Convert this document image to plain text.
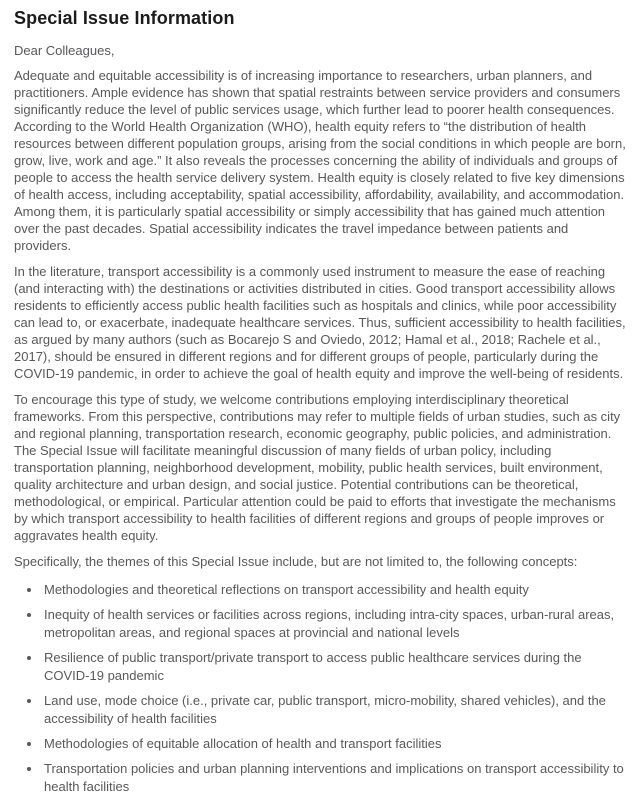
Special Issue Information

Dear Colleagues,

Adequate and equitable accessibility is of increasing importance to researchers, urban planners, and practitioners. Ample evidence has shown that spatial restraints between service providers and consumers significantly reduce the level of public services usage, which further lead to poorer health consequences. According to the World Health Organization (WHO), health equity refers to “the distribution of health resources between different population groups, arising from the social conditions in which people are born, grow, live, work and age.” It also reveals the processes concerning the ability of individuals and groups of people to access the health service delivery system. Health equity is closely related to five key dimensions of health access, including acceptability, spatial accessibility, affordability, availability, and accommodation. Among them, it is particularly spatial accessibility or simply accessibility that has gained much attention over the past decades. Spatial accessibility indicates the travel impedance between patients and providers.

In the literature, transport accessibility is a commonly used instrument to measure the ease of reaching (and interacting with) the destinations or activities distributed in cities. Good transport accessibility allows residents to efficiently access public health facilities such as hospitals and clinics, while poor accessibility can lead to, or exacerbate, inadequate healthcare services. Thus, sufficient accessibility to health facilities, as argued by many authors (such as Bocarejo S and Oviedo, 2012; Hamal et al., 2018; Rachele et al., 2017), should be ensured in different regions and for different groups of people, particularly during the COVID-19 pandemic, in order to achieve the goal of health equity and improve the well-being of residents.

To encourage this type of study, we welcome contributions employing interdisciplinary theoretical frameworks. From this perspective, contributions may refer to multiple fields of urban studies, such as city and regional planning, transportation research, economic geography, public policies, and administration. The Special Issue will facilitate meaningful discussion of many fields of urban policy, including transportation planning, neighborhood development, mobility, public health services, built environment, quality architecture and urban design, and social justice. Potential contributions can be theoretical, methodological, or empirical. Particular attention could be paid to efforts that investigate the mechanisms by which transport accessibility to health facilities of different regions and groups of people improves or aggravates health equity.

Specifically, the themes of this Special Issue include, but are not limited to, the following concepts:

• Methodologies and theoretical reflections on transport accessibility and health equity
• Inequity of health services or facilities across regions, including intra-city spaces, urban-rural areas, metropolitan areas, and regional spaces at provincial and national levels
• Resilience of public transport/private transport to access public healthcare services during the COVID-19 pandemic
• Land use, mode choice (i.e., private car, public transport, micro-mobility, shared vehicles), and the accessibility of health facilities
• Methodologies of equitable allocation of health and transport facilities
• Transportation policies and urban planning interventions and implications on transport accessibility to health facilities
